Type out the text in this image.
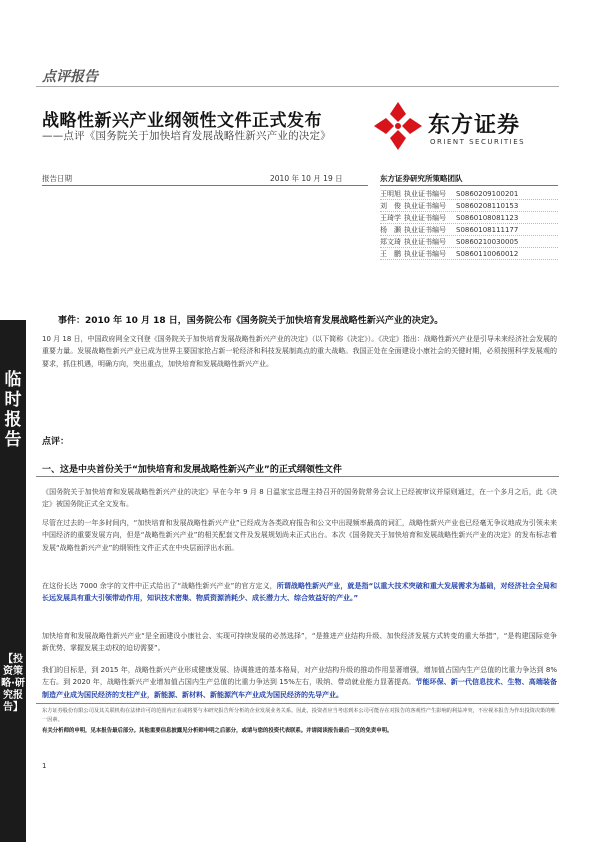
点评报告
战略性新兴产业纲领性文件正式发布
——点评《国务院关于加快培育发展战略性新兴产业的决定》	东方证券
ORIENT SECURITIES
报告日期	2010 年 10 月 19 日	东方证券研究所策略团队
王明旭 执业证书编号	S0860209100201
刘　俊 执业证书编号	S0860208110153
王琦学 执业证书编号	S0860108081123
杨　灏 执业证书编号	S0860108111177
郑文琦 执业证书编号	S0860210030005
王　鹏 执业证书编号	S0860110060012
临时报告
【投资策略·研究报告】
事件：2010 年 10 月 18 日，国务院公布《国务院关于加快培育发展战略性新兴产业的决定》。
10 月 18 日，中国政府网全文刊登《国务院关于加快培育发展战略性新兴产业的决定》（以下简称《决定》）。《决定》指出：战略性新兴产业是引导未来经济社会发展的重要力量。发展战略性新兴产业已成为世界主要国家抢占新一轮经济和科技发展制高点的重大战略。我国正处在全面建设小康社会的关键时期，必须按照科学发展观的要求，抓住机遇，明确方向，突出重点，加快培育和发展战略性新兴产业。
点评：
一、这是中央首份关于“加快培育和发展战略性新兴产业”的正式纲领性文件
《国务院关于加快培育和发展战略性新兴产业的决定》早在今年 9 月 8 日温家宝总理主持召开的国务院常务会议上已经被审议并原则通过，在一个多月之后，此《决定》被国务院正式全文发布。
尽管在过去的一年多时间内，“加快培育和发展战略性新兴产业”已经成为各类政府报告和公文中出现频率最高的词汇，战略性新兴产业也已经毫无争议地成为引领未来中国经济的重要发展方向，但是“战略性新兴产业”的相关配套文件及发展规划尚未正式出台。本次《国务院关于加快培育和发展战略性新兴产业的决定》的发布标志着发展“战略性新兴产业”的纲领性文件正式在中央层面浮出水面。
在这份长达 7000 余字的文件中正式给出了“战略性新兴产业”的官方定义，所谓战略性新兴产业，就是指“以重大技术突破和重大发展需求为基础，对经济社会全局和长远发展具有重大引领带动作用，知识技术密集、物质资源消耗少、成长潜力大、综合效益好的产业。”
加快培育和发展战略性新兴产业“是全面建设小康社会、实现可持续发展的必然选择”，“是推进产业结构升级、加快经济发展方式转变的重大举措”，“是构建国际竞争新优势、掌握发展主动权的迫切需要”。
我们的目标是，到 2015 年，战略性新兴产业形成健康发展、协调推进的基本格局，对产业结构升级的推动作用显著增强，增加值占国内生产总值的比重力争达到 8%左右。到 2020 年，战略性新兴产业增加值占国内生产总值的比重力争达到 15%左右，吸纳、带动就业能力显著提高。节能环保、新一代信息技术、生物、高端装备制造产业成为国民经济的支柱产业，新能源、新材料、新能源汽车产业成为国民经济的先导产业。
东方证券股份有限公司及其关联机构在法律许可的范围内正在或将要与本研究报告所分析的企业发展业务关系。因此，投资者应当考虑到本公司可能存在对报告的客观性产生影响的利益冲突，不应视本报告为作出投资决策的唯一因素。
有关分析师的申明，见本报告最后部分。其他重要信息披露见分析师申明之后部分，或请与您的投资代表联系。并请阅读报告最后一页的免责申明。
1
